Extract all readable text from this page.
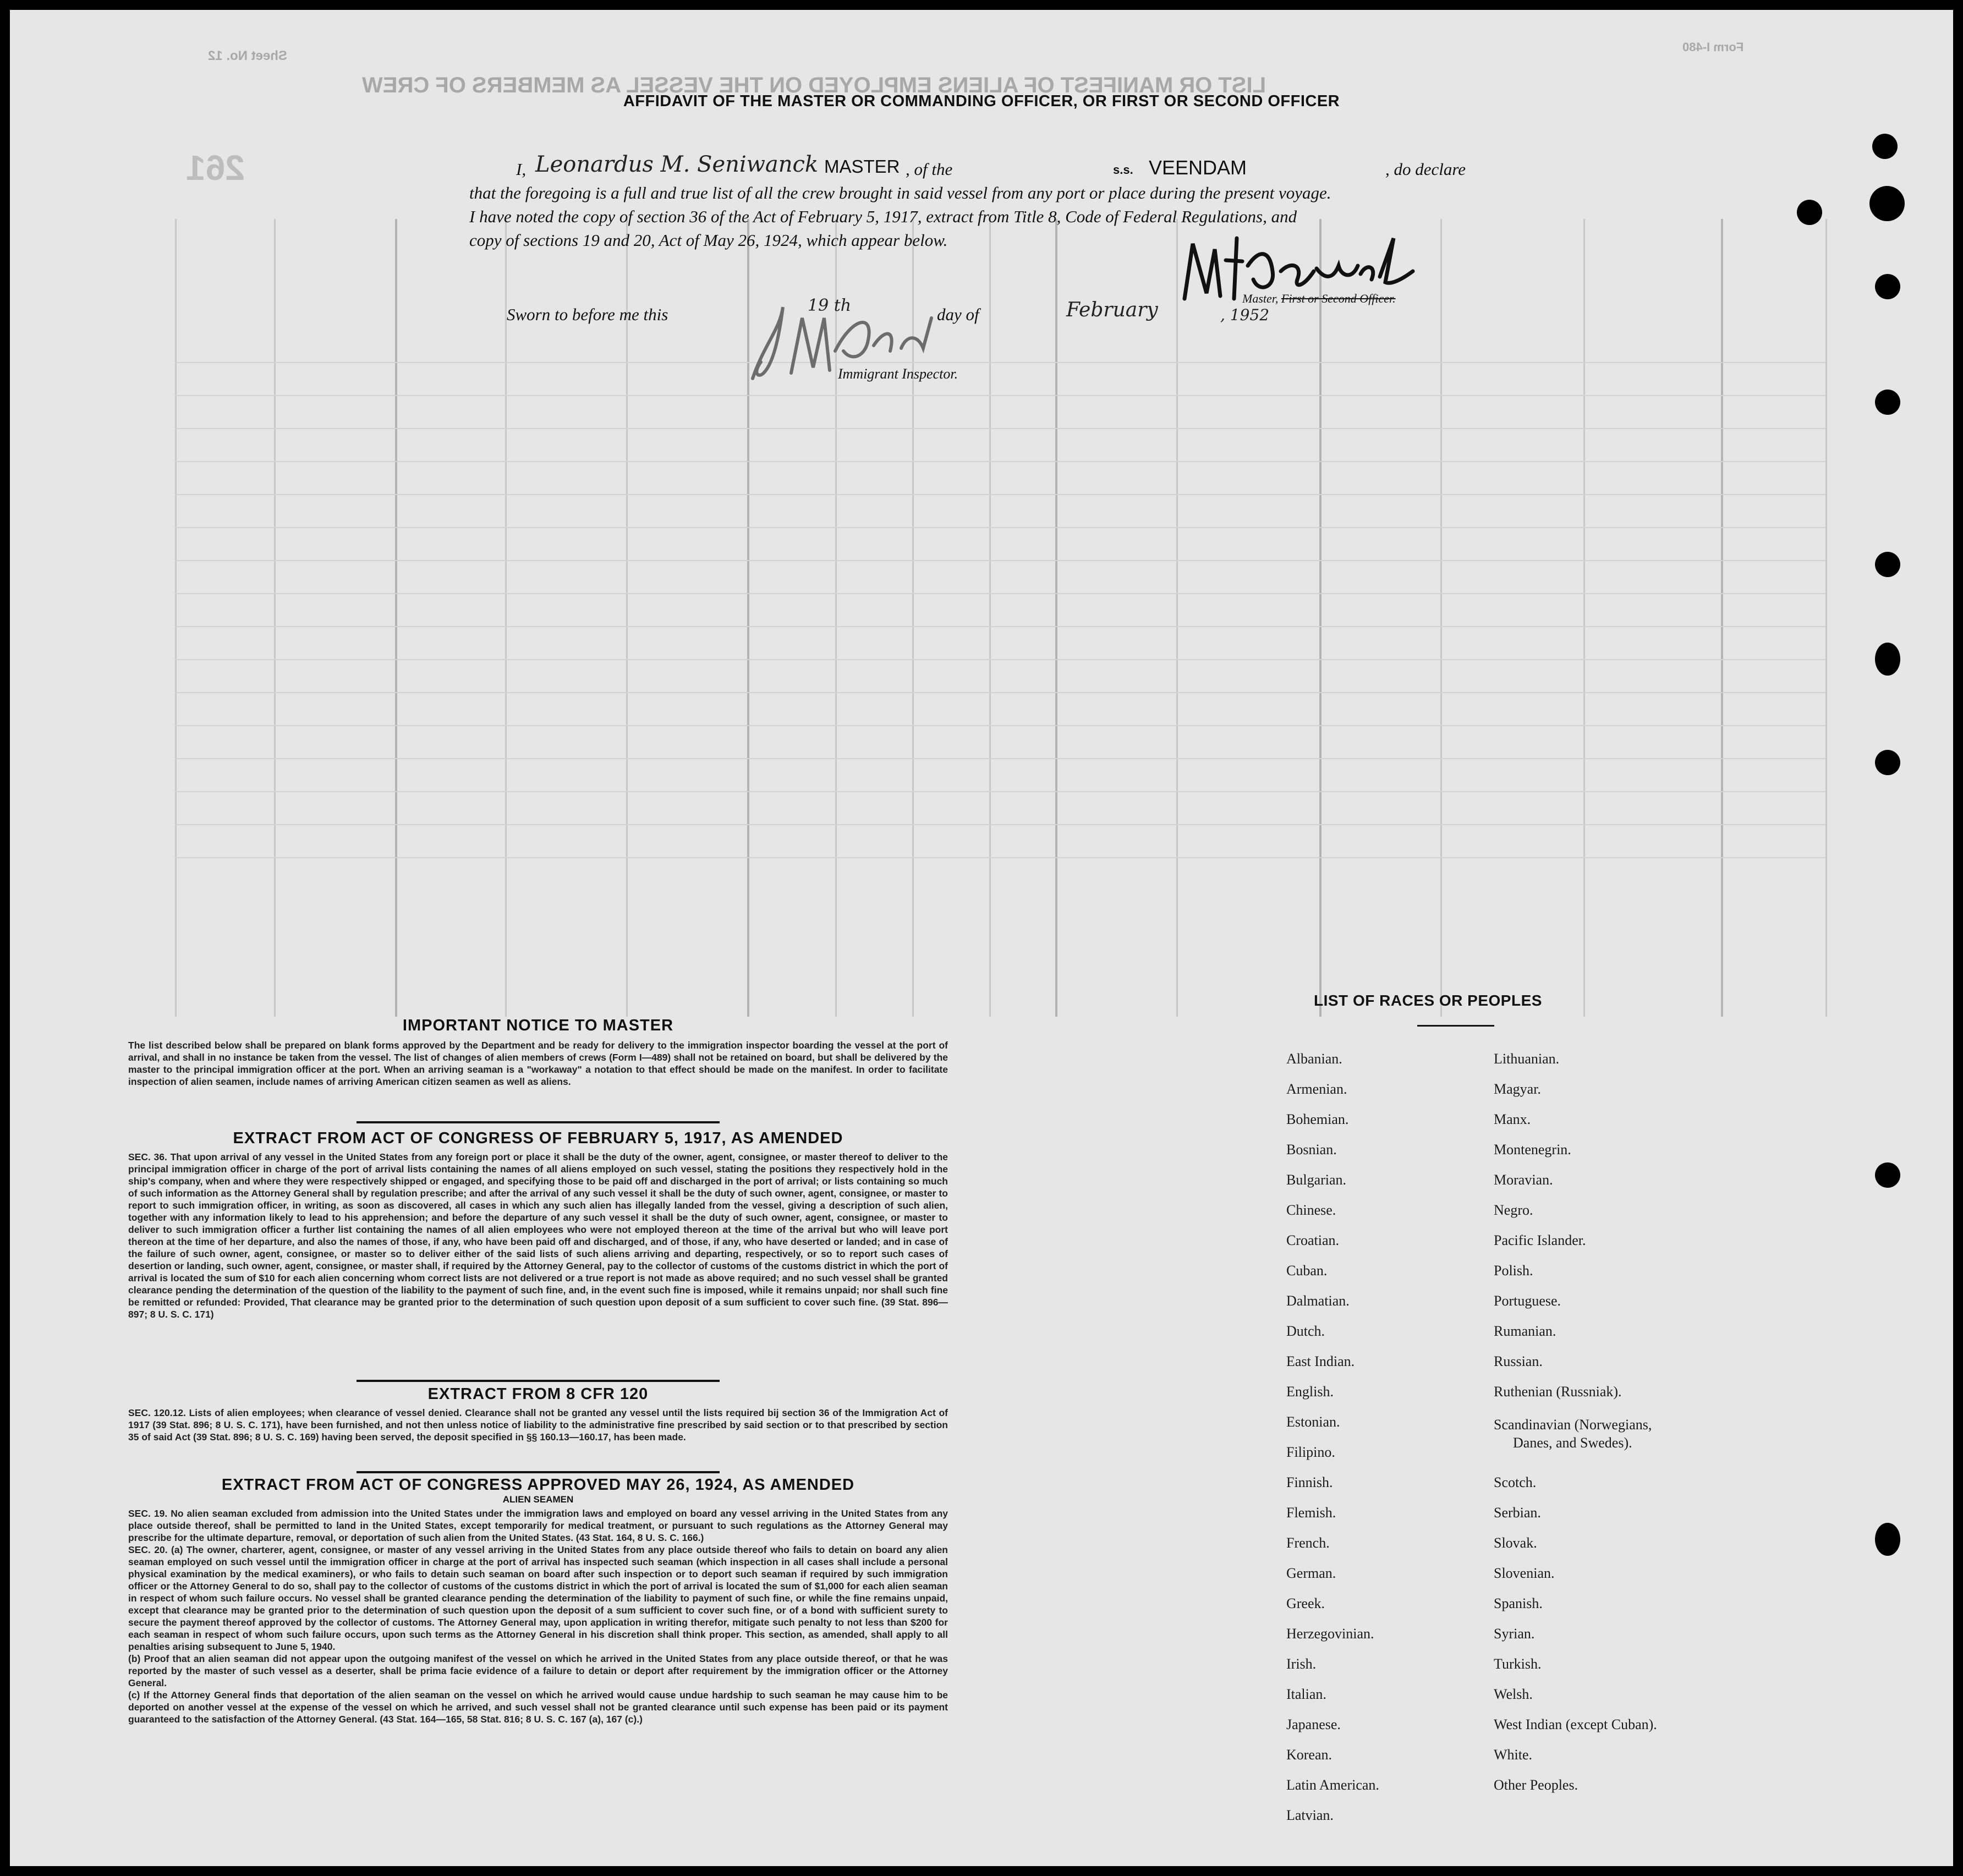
LIST OR MANIFEST OF ALIENS EMPLOYED ON THE VESSEL AS MEMBERS OF CREW
Sheet No. 12
Form I-480
261
AFFIDAVIT OF THE MASTER OR COMMANDING OFFICER, OR FIRST OR SECOND OFFICER
I, Leonardus M. Seniwanck MASTER , of the	s.s. VEENDAM	, do declare
that the foregoing is a full and true list of all the crew brought in said vessel from any port or place during the present voyage.
I have noted the copy of section 36 of the Act of February 5, 1917, extract from Title 8, Code of Federal Regulations, and
copy of sections 19 and 20, Act of May 26, 1924, which appear below.
Sworn to before me this	19 th	day of	February	, 1952
Master, First or Second Officer.
Immigrant Inspector.
IMPORTANT NOTICE TO MASTER

The list described below shall be prepared on blank forms approved by the Department and be ready for delivery to the immigration inspector boarding the vessel at the port of arrival, and shall in no instance be taken from the vessel. The list of changes of alien members of crews (Form I—489) shall not be retained on board, but shall be delivered by the master to the principal immigration officer at the port. When an arriving seaman is a "workaway" a notation to that effect should be made on the manifest. In order to facilitate inspection of alien seamen, include names of arriving American citizen seamen as well as aliens.

EXTRACT FROM ACT OF CONGRESS OF FEBRUARY 5, 1917, AS AMENDED

SEC. 36. That upon arrival of any vessel in the United States from any foreign port or place it shall be the duty of the owner, agent, consignee, or master thereof to deliver to the principal immigration officer in charge of the port of arrival lists containing the names of all aliens employed on such vessel, stating the positions they respectively hold in the ship's company, when and where they were respectively shipped or engaged, and specifying those to be paid off and discharged in the port of arrival; or lists containing so much of such information as the Attorney General shall by regulation prescribe; and after the arrival of any such vessel it shall be the duty of such owner, agent, consignee, or master to report to such immigration officer, in writing, as soon as discovered, all cases in which any such alien has illegally landed from the vessel, giving a description of such alien, together with any information likely to lead to his apprehension; and before the departure of any such vessel it shall be the duty of such owner, agent, consignee, or master to deliver to such immigration officer a further list containing the names of all alien employees who were not employed thereon at the time of the arrival but who will leave port thereon at the time of her departure, and also the names of those, if any, who have been paid off and discharged, and of those, if any, who have deserted or landed; and in case of the failure of such owner, agent, consignee, or master so to deliver either of the said lists of such aliens arriving and departing, respectively, or so to report such cases of desertion or landing, such owner, agent, consignee, or master shall, if required by the Attorney General, pay to the collector of customs of the customs district in which the port of arrival is located the sum of $10 for each alien concerning whom correct lists are not delivered or a true report is not made as above required; and no such vessel shall be granted clearance pending the determination of the question of the liability to the payment of such fine, and, in the event such fine is imposed, while it remains unpaid; nor shall such fine be remitted or refunded: Provided, That clearance may be granted prior to the determination of such question upon deposit of a sum sufficient to cover such fine. (39 Stat. 896—897; 8 U. S. C. 171)

EXTRACT FROM 8 CFR 120

SEC. 120.12. Lists of alien employees; when clearance of vessel denied. Clearance shall not be granted any vessel until the lists required bij section 36 of the Immigration Act of 1917 (39 Stat. 896; 8 U. S. C. 171), have been furnished, and not then unless notice of liability to the administrative fine prescribed by said section or to that prescribed by section 35 of said Act (39 Stat. 896; 8 U. S. C. 169) having been served, the deposit specified in §§ 160.13—160.17, has been made.

EXTRACT FROM ACT OF CONGRESS APPROVED MAY 26, 1924, AS AMENDED
ALIEN SEAMEN

SEC. 19. No alien seaman excluded from admission into the United States under the immigration laws and employed on board any vessel arriving in the United States from any place outside thereof, shall be permitted to land in the United States, except temporarily for medical treatment, or pursuant to such regulations as the Attorney General may prescribe for the ultimate departure, removal, or deportation of such alien from the United States. (43 Stat. 164, 8 U. S. C. 166.)

SEC. 20. (a) The owner, charterer, agent, consignee, or master of any vessel arriving in the United States from any place outside thereof who fails to detain on board any alien seaman employed on such vessel until the immigration officer in charge at the port of arrival has inspected such seaman (which inspection in all cases shall include a personal physical examination by the medical examiners), or who fails to detain such seaman on board after such inspection or to deport such seaman if required by such immigration officer or the Attorney General to do so, shall pay to the collector of customs of the customs district in which the port of arrival is located the sum of $1,000 for each alien seaman in respect of whom such failure occurs. No vessel shall be granted clearance pending the determination of the liability to payment of such fine, or while the fine remains unpaid, except that clearance may be granted prior to the determination of such question upon the deposit of a sum sufficient to cover such fine, or of a bond with sufficient surety to secure the payment thereof approved by the collector of customs. The Attorney General may, upon application in writing therefor, mitigate such penalty to not less than $200 for each seaman in respect of whom such failure occurs, upon such terms as the Attorney General in his discretion shall think proper. This section, as amended, shall apply to all penalties arising subsequent to June 5, 1940.

(b) Proof that an alien seaman did not appear upon the outgoing manifest of the vessel on which he arrived in the United States from any place outside thereof, or that he was reported by the master of such vessel as a deserter, shall be prima facie evidence of a failure to detain or deport after requirement by the immigration officer or the Attorney General.

(c) If the Attorney General finds that deportation of the alien seaman on the vessel on which he arrived would cause undue hardship to such seaman he may cause him to be deported on another vessel at the expense of the vessel on which he arrived, and such vessel shall not be granted clearance until such expense has been paid or its payment guaranteed to the satisfaction of the Attorney General. (43 Stat. 164—165, 58 Stat. 816; 8 U. S. C. 167 (a), 167 (c).)

LIST OF RACES OR PEOPLES
Albanian.
Armenian.
Bohemian.
Bosnian.
Bulgarian.
Chinese.
Croatian.
Cuban.
Dalmatian.
Dutch.
East Indian.
English.
Estonian.
Filipino.
Finnish.
Flemish.
French.
German.
Greek.
Herzegovinian.
Irish.
Italian.
Japanese.
Korean.
Latin American.
Latvian.
Lithuanian.
Magyar.
Manx.
Montenegrin.
Moravian.
Negro.
Pacific Islander.
Polish.
Portuguese.
Rumanian.
Russian.
Ruthenian (Russniak).
Scandinavian (Norwegians,
Danes, and Swedes).
Scotch.
Serbian.
Slovak.
Slovenian.
Spanish.
Syrian.
Turkish.
Welsh.
West Indian (except Cuban).
White.
Other Peoples.
